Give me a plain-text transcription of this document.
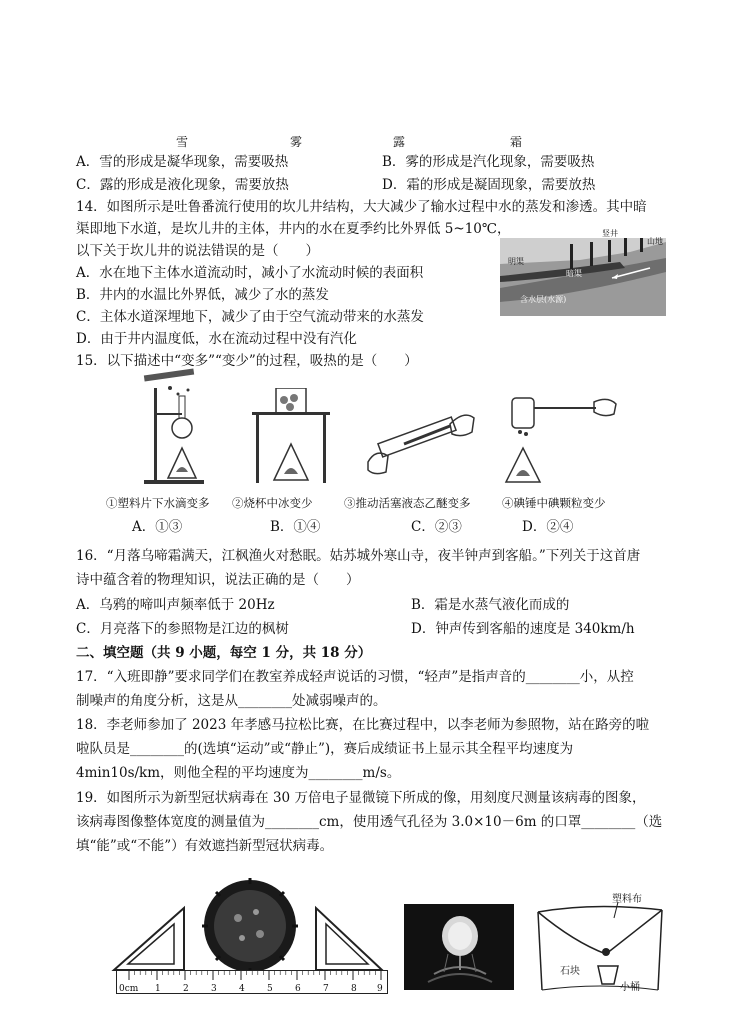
雪	雾	露	霜
A．雪的形成是凝华现象，需要吸热	B．雾的形成是汽化现象，需要吸热
C．露的形成是液化现象，需要放热	D．霜的形成是凝固现象，需要放热
14．如图所示是吐鲁番流行使用的坎儿井结构，大大减少了输水过程中水的蒸发和渗透。其中暗
渠即地下水道，是坎儿井的主体，井内的水在夏季约比外界低 5~10℃，
以下关于坎儿井的说法错误的是（　　）
A．水在地下主体水道流动时，减小了水流动时候的表面积
B．井内的水温比外界低，减少了水的蒸发
C．主体水道深埋地下，减少了由于空气流动带来的水蒸发
D．由于井内温度低，水在流动过程中没有汽化
明渠
竖井
山地
暗渠
含水层(水源)
15．以下描述中“变多”“变少”的过程，吸热的是（　　）
①塑料片下水滴变多 ②烧杯中冰变少	③推动活塞液态乙醚变多	④碘锤中碘颗粒变少
A．①③	B．①④	C．②③	D．②④
16．“月落乌啼霜满天，江枫渔火对愁眠。姑苏城外寒山寺，夜半钟声到客船。”下列关于这首唐
诗中蕴含着的物理知识，说法正确的是（　　）
A．乌鸦的啼叫声频率低于 20Hz	B．霜是水蒸气液化而成的
C．月亮落下的参照物是江边的枫树	D．钟声传到客船的速度是 340km/h
二、填空题（共 9 小题，每空 1 分，共 18 分）
17．“入班即静”要求同学们在教室养成轻声说话的习惯，“轻声”是指声音的________小，从控
制噪声的角度分析，这是从________处减弱噪声的。
18．李老师参加了 2023 年孝感马拉松比赛，在比赛过程中，以李老师为参照物，站在路旁的啦
啦队员是________的(选填“运动”或“静止”)，赛后成绩证书上显示其全程平均速度为
4min10s/km，则他全程的平均速度为________m/s。
19．如图所示为新型冠状病毒在 30 万倍电子显微镜下所成的像，用刻度尺测量该病毒的图象，
该病毒图像整体宽度的测量值为________cm，使用透气孔径为 3.0×10－6m 的口罩________（选
填“能”或“不能”）有效遮挡新型冠状病毒。
0cm 1 2 3 4 5 6 7 8 9
塑料布
石块
小桶
